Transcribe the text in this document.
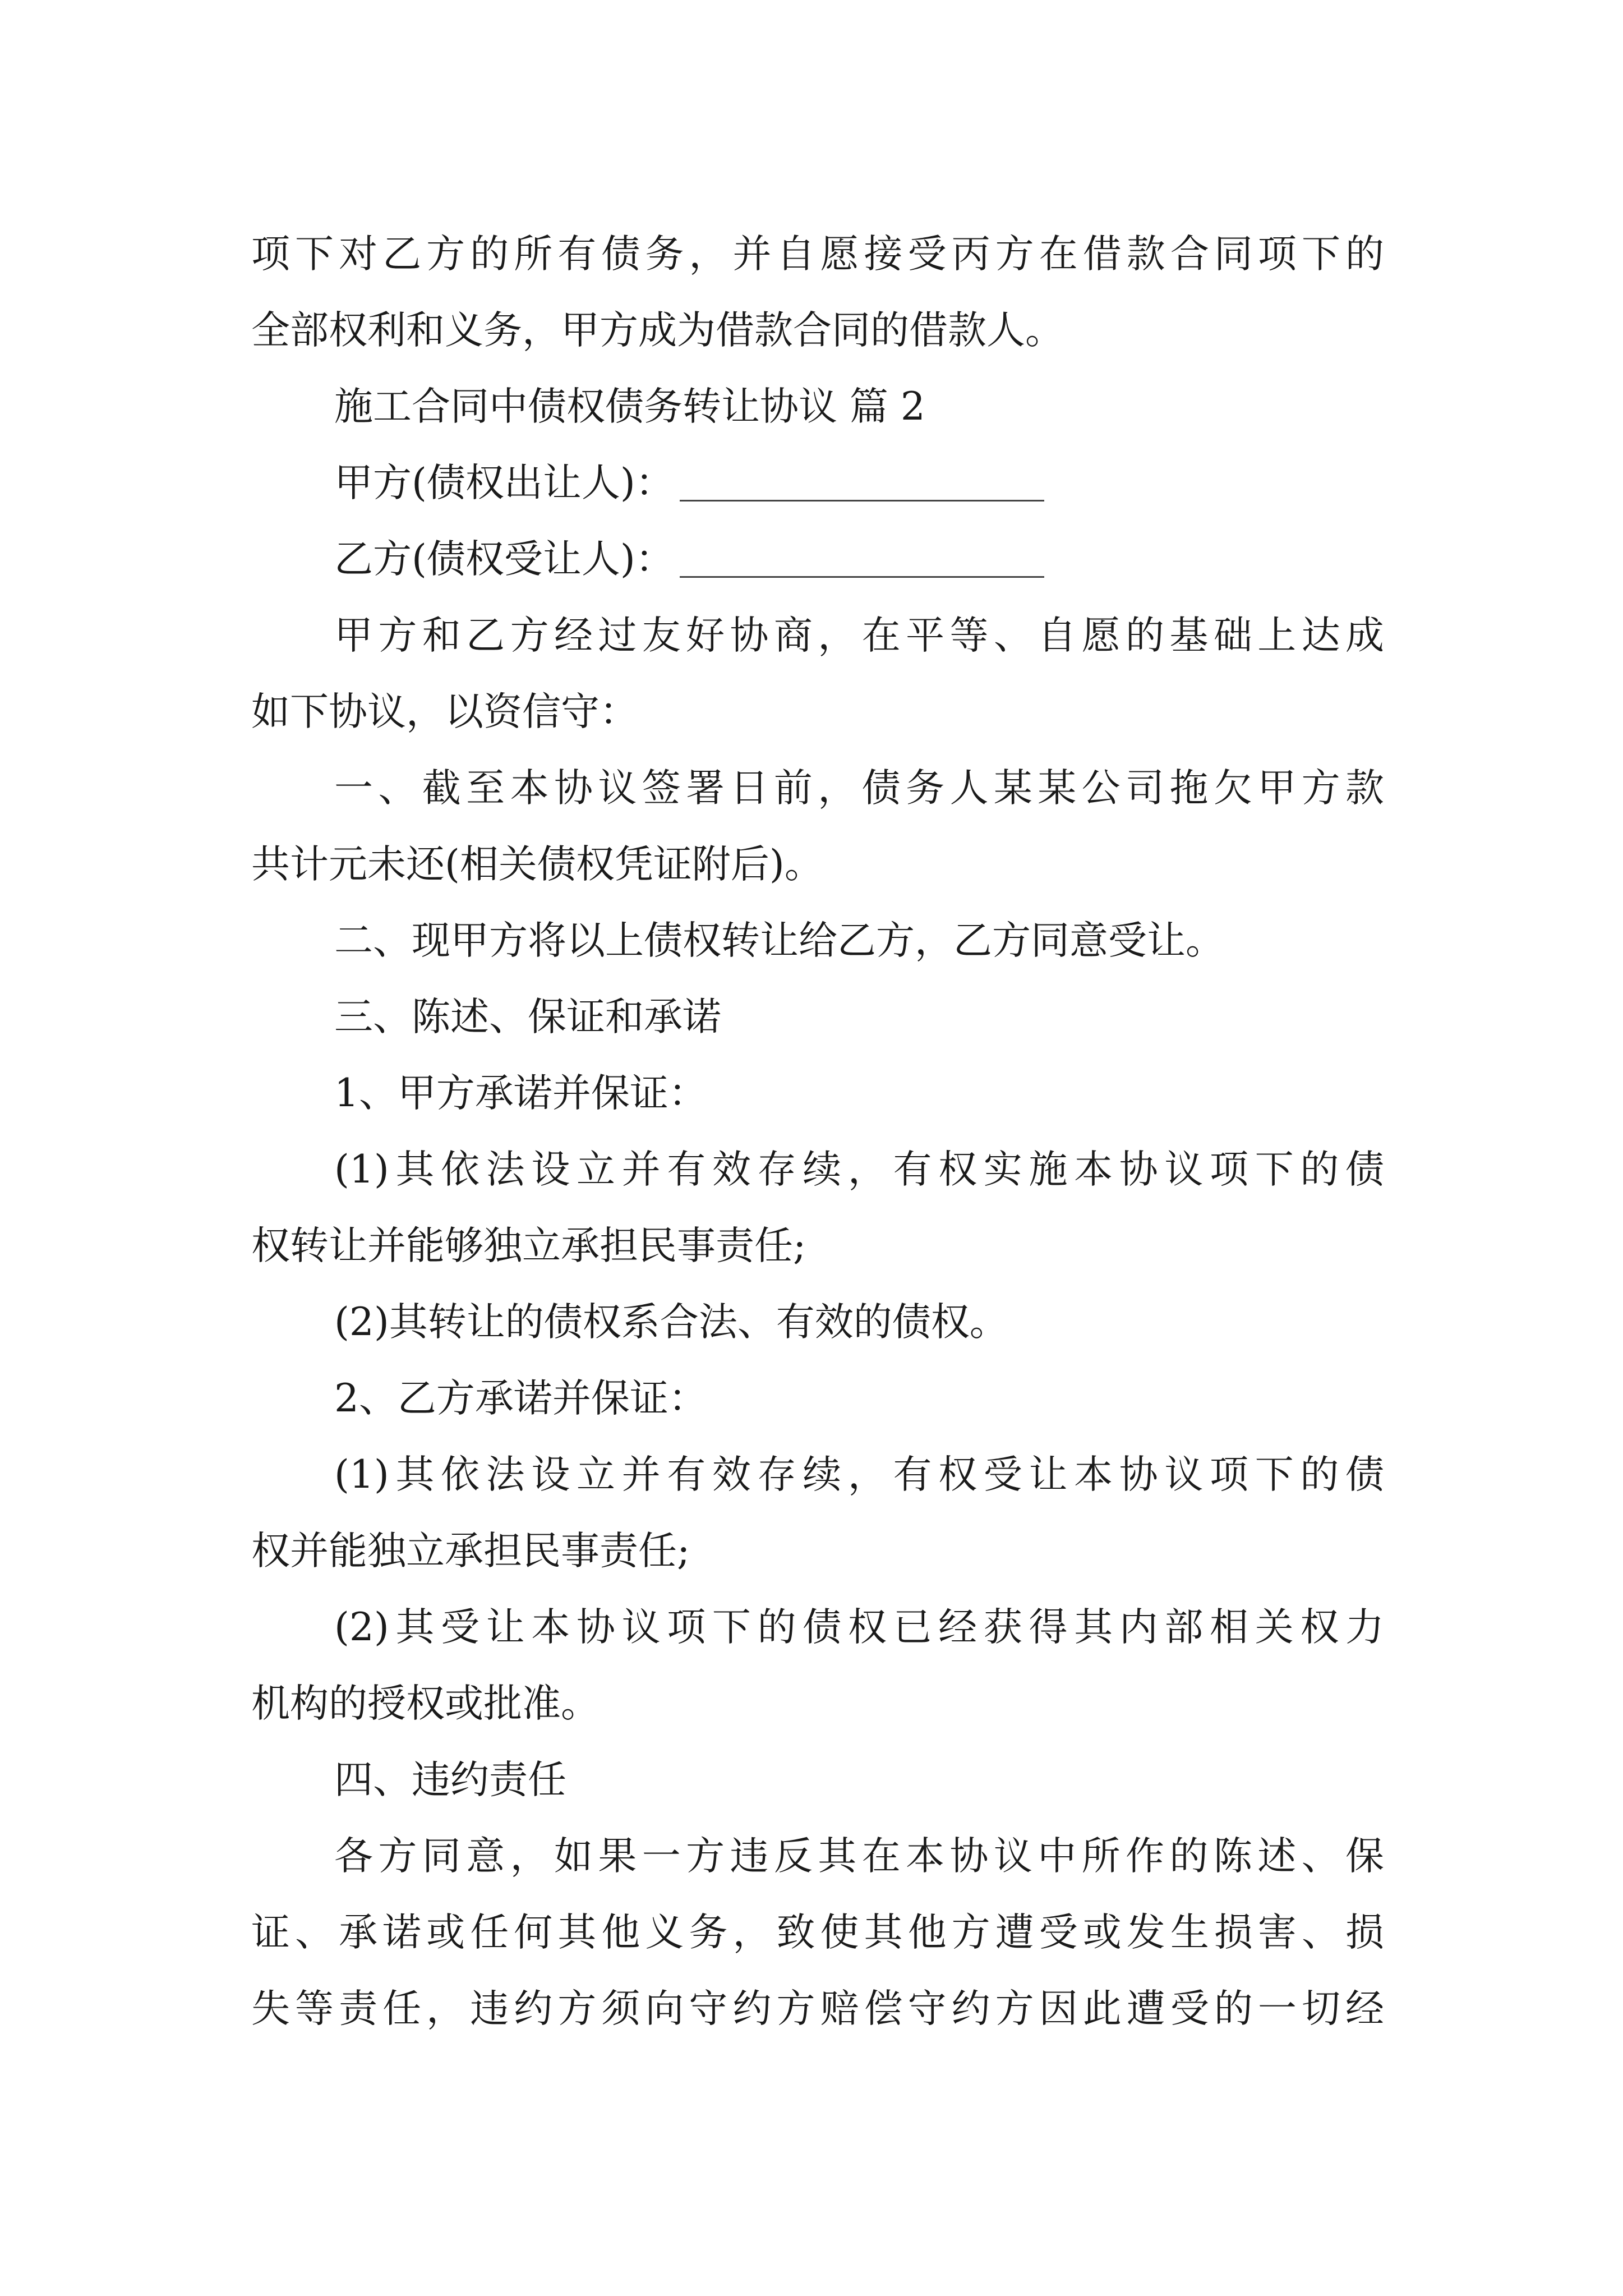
项下对乙方的所有债务，并自愿接受丙方在借款合同项下的
全部权利和义务，甲方成为借款合同的借款人。
施工合同中债权债务转让协议 篇 2
甲方(债权出让人)：
乙方(债权受让人)：
甲方和乙方经过友好协商，在平等、自愿的基础上达成
如下协议，以资信守：
一、截至本协议签署日前，债务人某某公司拖欠甲方款
共计元未还(相关债权凭证附后)。
二、现甲方将以上债权转让给乙方，乙方同意受让。
三、陈述、保证和承诺
1、甲方承诺并保证：
(1)其依法设立并有效存续，有权实施本协议项下的债
权转让并能够独立承担民事责任;
(2)其转让的债权系合法、有效的债权。
2、乙方承诺并保证：
(1)其依法设立并有效存续，有权受让本协议项下的债
权并能独立承担民事责任;
(2)其受让本协议项下的债权已经获得其内部相关权力
机构的授权或批准。
四、违约责任
各方同意，如果一方违反其在本协议中所作的陈述、保
证、承诺或任何其他义务，致使其他方遭受或发生损害、损
失等责任，违约方须向守约方赔偿守约方因此遭受的一切经
